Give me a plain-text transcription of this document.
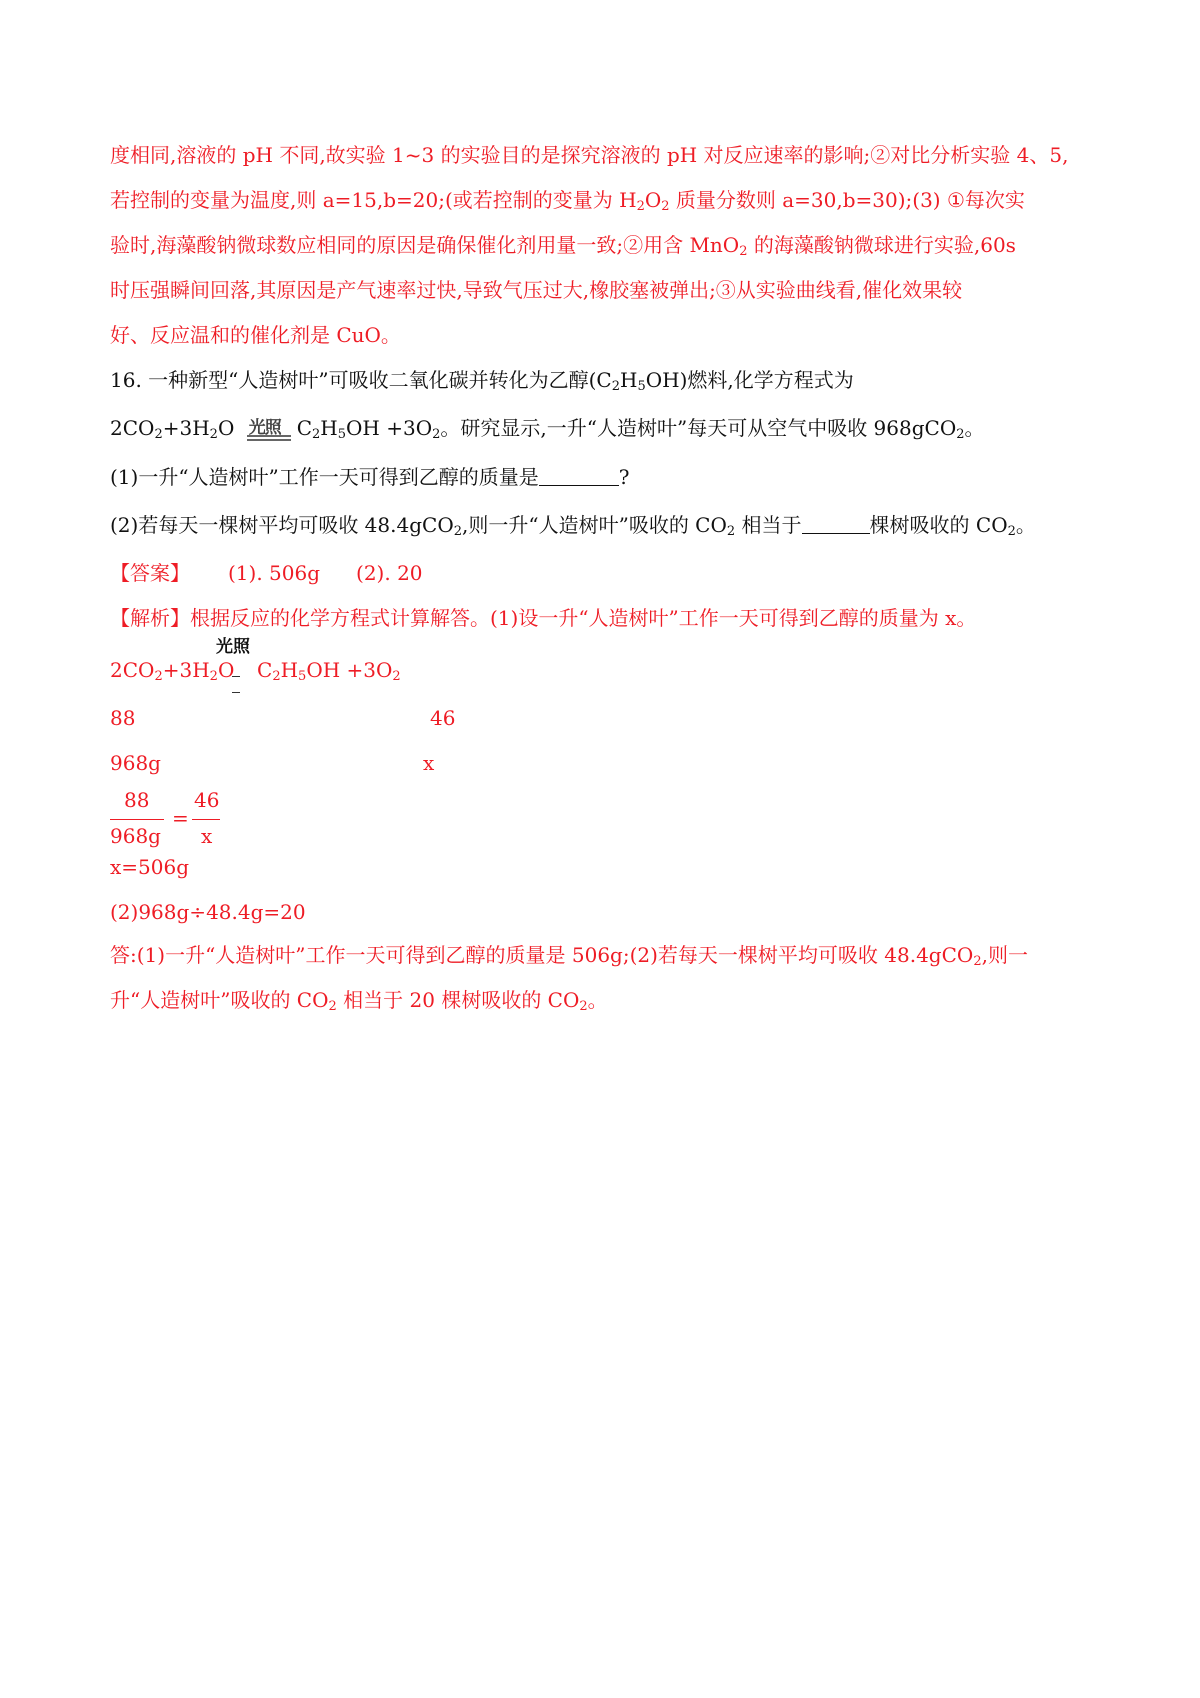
度相同,溶液的 pH 不同,故实验 1~3 的实验目的是探究溶液的 pH 对反应速率的影响;②对比分析实验 4、5,
若控制的变量为温度,则 a=15,b=20;(或若控制的变量为 $H_2O_2$ 质量分数则 a=30,b=30);(3) ①每次实
验时,海藻酸钠微球数应相同的原因是确保催化剂用量一致;②用含 MnO$_2$ 的海藻酸钠微球进行实验,60s
时压强瞬间回落,其原因是产气速率过快,导致气压过大,橡胶塞被弹出;③从实验曲线看,催化效果较
好、反应温和的催化剂是 CuO。
16. 一种新型“人造树叶”可吸收二氧化碳并转化为乙醇$(C_2H_5OH)$燃料,化学方程式为
$2CO_2+3H_2O$ 光照 $C_2H_5OH +3O_2$。研究显示,一升“人造树叶”每天可从空气中吸收 968gCO$_2$。
(1)一升“人造树叶”工作一天可得到乙醇的质量是	?
(2)若每天一棵树平均可吸收 48.4gCO$_2$,则一升“人造树叶”吸收的 $CO_2$ 相当于	棵树吸收的 $CO_2$。
【答案】 (1). 506g (2). 20
【解析】根据反应的化学方程式计算解答。(1)设一升“人造树叶”工作一天可得到乙醇的质量为 x。
$2CO_2+3H_2O$
光照
$C_2H_5OH +3O_2$
88	46
968g	x
88
968g
=
46
x
x=506g
(2)968g÷48.4g=20
答:(1)一升“人造树叶”工作一天可得到乙醇的质量是 506g;(2)若每天一棵树平均可吸收 48.4gCO$_2$,则一
升“人造树叶”吸收的 $CO_2$ 相当于 20 棵树吸收的 $CO_2$。
